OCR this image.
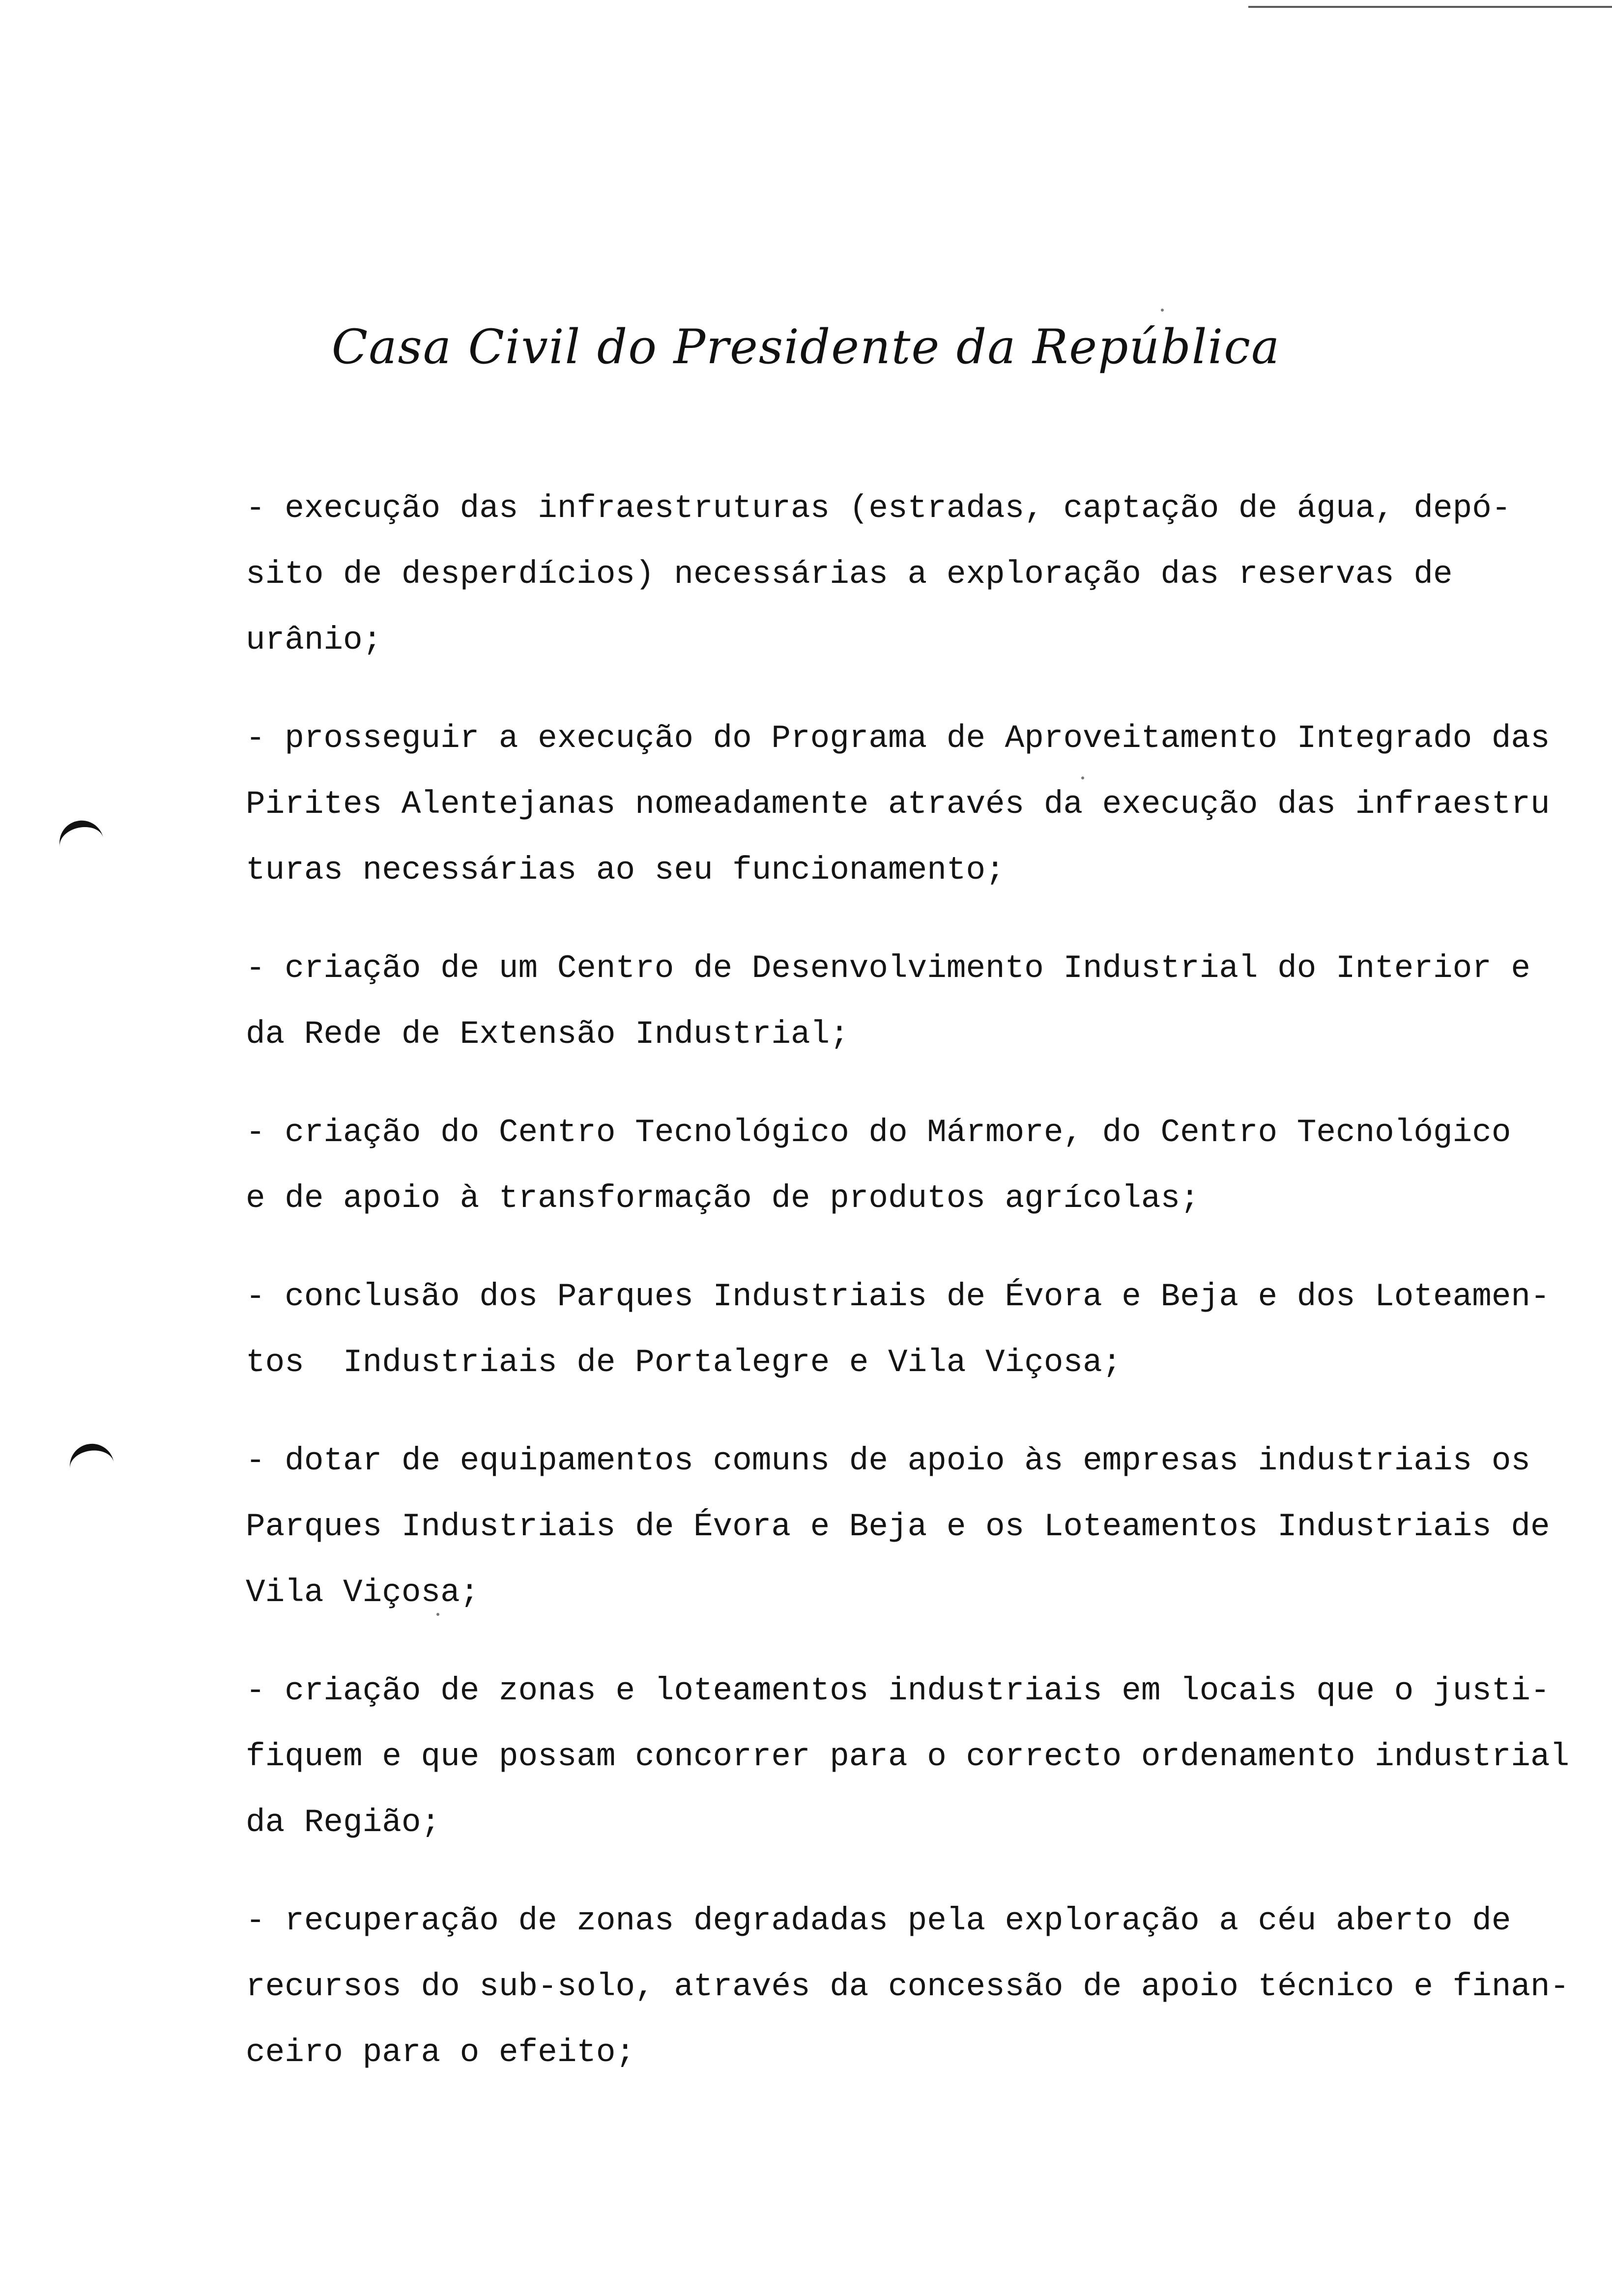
Casa Civil do Presidente da República
- execução das infraestruturas (estradas, captação de água, depó-
sito de desperdícios) necessárias a exploração das reservas de
urânio;
- prosseguir a execução do Programa de Aproveitamento Integrado das
Pirites Alentejanas nomeadamente através da execução das infraestru
turas necessárias ao seu funcionamento;
- criação de um Centro de Desenvolvimento Industrial do Interior e
da Rede de Extensão Industrial;
- criação do Centro Tecnológico do Mármore, do Centro Tecnológico
e de apoio à transformação de produtos agrícolas;
- conclusão dos Parques Industriais de Évora e Beja e dos Loteamen-
tos  Industriais de Portalegre e Vila Viçosa;
- dotar de equipamentos comuns de apoio às empresas industriais os
Parques Industriais de Évora e Beja e os Loteamentos Industriais de
Vila Viçosa;
- criação de zonas e loteamentos industriais em locais que o justi-
fiquem e que possam concorrer para o correcto ordenamento industrial
da Região;
- recuperação de zonas degradadas pela exploração a céu aberto de
recursos do sub-solo, através da concessão de apoio técnico e finan-
ceiro para o efeito;
